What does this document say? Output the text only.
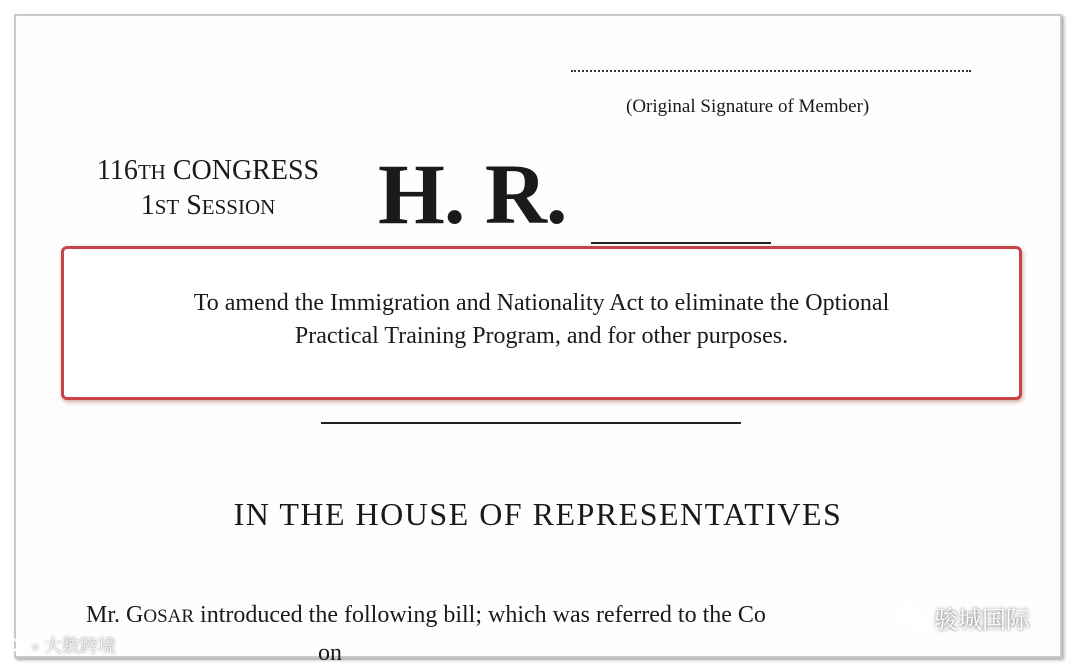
(Original Signature of Member)
116TH CONGRESS
1ST SESSION	H. R.
To amend the Immigration and Nationality Act to eliminate the Optional
Practical Training Program, and for other purposes.
IN THE HOUSE OF REPRESENTATIVES
Mr. GOSAR introduced the following bill; which was referred to the Co
on
o 大数跨境
骏城国际
